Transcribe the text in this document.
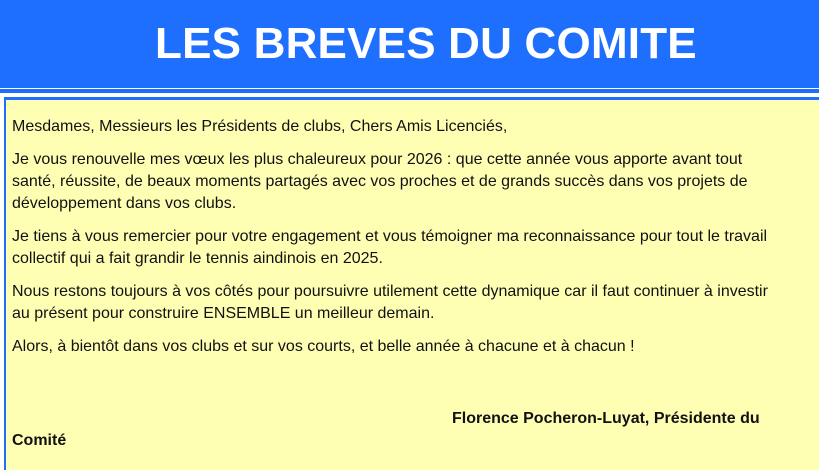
LES BREVES DU COMITE

Mesdames, Messieurs les Présidents de clubs, Chers Amis Licenciés,

Je vous renouvelle mes vœux les plus chaleureux pour 2026 : que cette année vous apporte avant tout
santé, réussite, de beaux moments partagés avec vos proches et de grands succès dans vos projets de
développement dans vos clubs.

Je tiens à vous remercier pour votre engagement et vous témoigner ma reconnaissance pour tout le travail
collectif qui a fait grandir le tennis aindinois en 2025.

Nous restons toujours à vos côtés pour poursuivre utilement cette dynamique car il faut continuer à investir
au présent pour construire ENSEMBLE un meilleur demain.

Alors, à bientôt dans vos clubs et sur vos courts, et belle année à chacune et à chacun !

Florence Pocheron-Luyat, Présidente du
Comité
